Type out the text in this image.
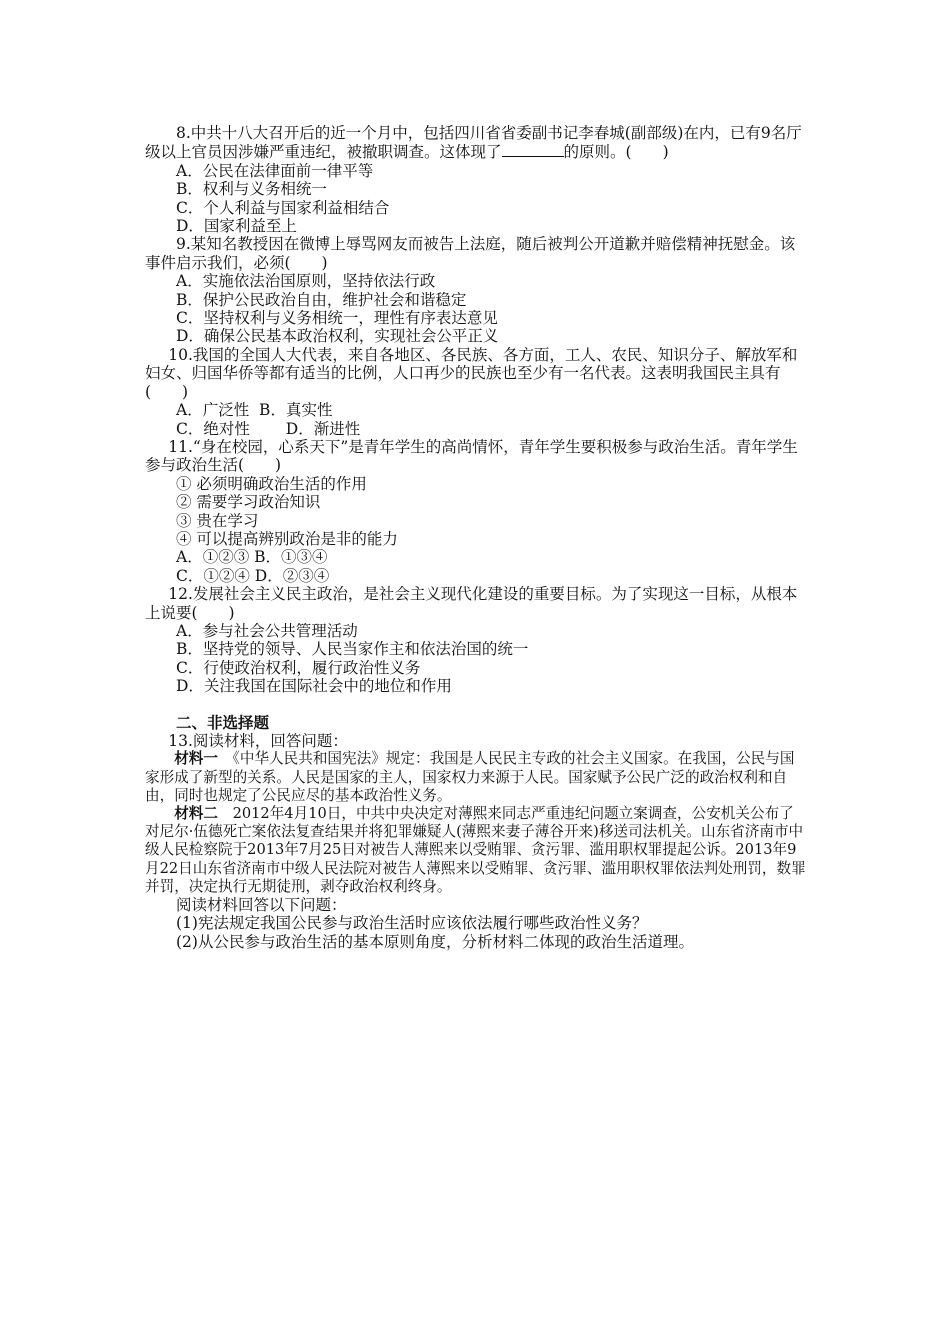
8.中共十八大召开后的近一个月中，包括四川省省委副书记李春城(副部级)在内，已有9名厅级以上官员因涉嫌严重违纪，被撤职调查。这体现了	的原则。(　　)

A．公民在法律面前一律平等

B．权利与义务相统一

C．个人利益与国家利益相结合

D．国家利益至上

9.某知名教授因在微博上辱骂网友而被告上法庭，随后被判公开道歉并赔偿精神抚慰金。该事件启示我们，必须(　　)

A．实施依法治国原则，坚持依法行政

B．保护公民政治自由，维护社会和谐稳定

C．坚持权利与义务相统一，理性有序表达意见

D．确保公民基本政治权利，实现社会公平正义

10.我国的全国人大代表，来自各地区、各民族、各方面，工人、农民、知识分子、解放军和妇女、归国华侨等都有适当的比例，人口再少的民族也至少有一名代表。这表明我国民主具有 (　　)

A．广泛性  B．真实性

C．绝对性　　 D．渐进性

11.“身在校园，心系天下”是青年学生的高尚情怀，青年学生要积极参与政治生活。青年学生参与政治生活(　　)

① 必须明确政治生活的作用

② 需要学习政治知识

③ 贵在学习

④ 可以提高辨别政治是非的能力

A．①②③ B．①③④

C．①②④ D．②③④

12.发展社会主义民主政治，是社会主义现代化建设的重要目标。为了实现这一目标，从根本上说要(　　)

A．参与社会公共管理活动

B．坚持党的领导、人民当家作主和依法治国的统一

C．行使政治权利，履行政治性义务

D．关注我国在国际社会中的地位和作用

二、非选择题

13.阅读材料，回答问题：

材料一　《中华人民共和国宪法》规定：我国是人民民主专政的社会主义国家。在我国，公民与国家形成了新型的关系。人民是国家的主人，国家权力来源于人民。国家赋予公民广泛的政治权利和自由，同时也规定了公民应尽的基本政治性义务。

材料二　2012年4月10日，中共中央决定对薄熙来同志严重违纪问题立案调查，公安机关公布了对尼尔·伍德死亡案依法复查结果并将犯罪嫌疑人(薄熙来妻子薄谷开来)移送司法机关。山东省济南市中级人民检察院于2013年7月25日对被告人薄熙来以受贿罪、贪污罪、滥用职权罪提起公诉。2013年9月22日山东省济南市中级人民法院对被告人薄熙来以受贿罪、贪污罪、滥用职权罪依法判处刑罚，数罪并罚，决定执行无期徒刑，剥夺政治权利终身。

阅读材料回答以下问题：

(1)宪法规定我国公民参与政治生活时应该依法履行哪些政治性义务？

(2)从公民参与政治生活的基本原则角度，分析材料二体现的政治生活道理。
